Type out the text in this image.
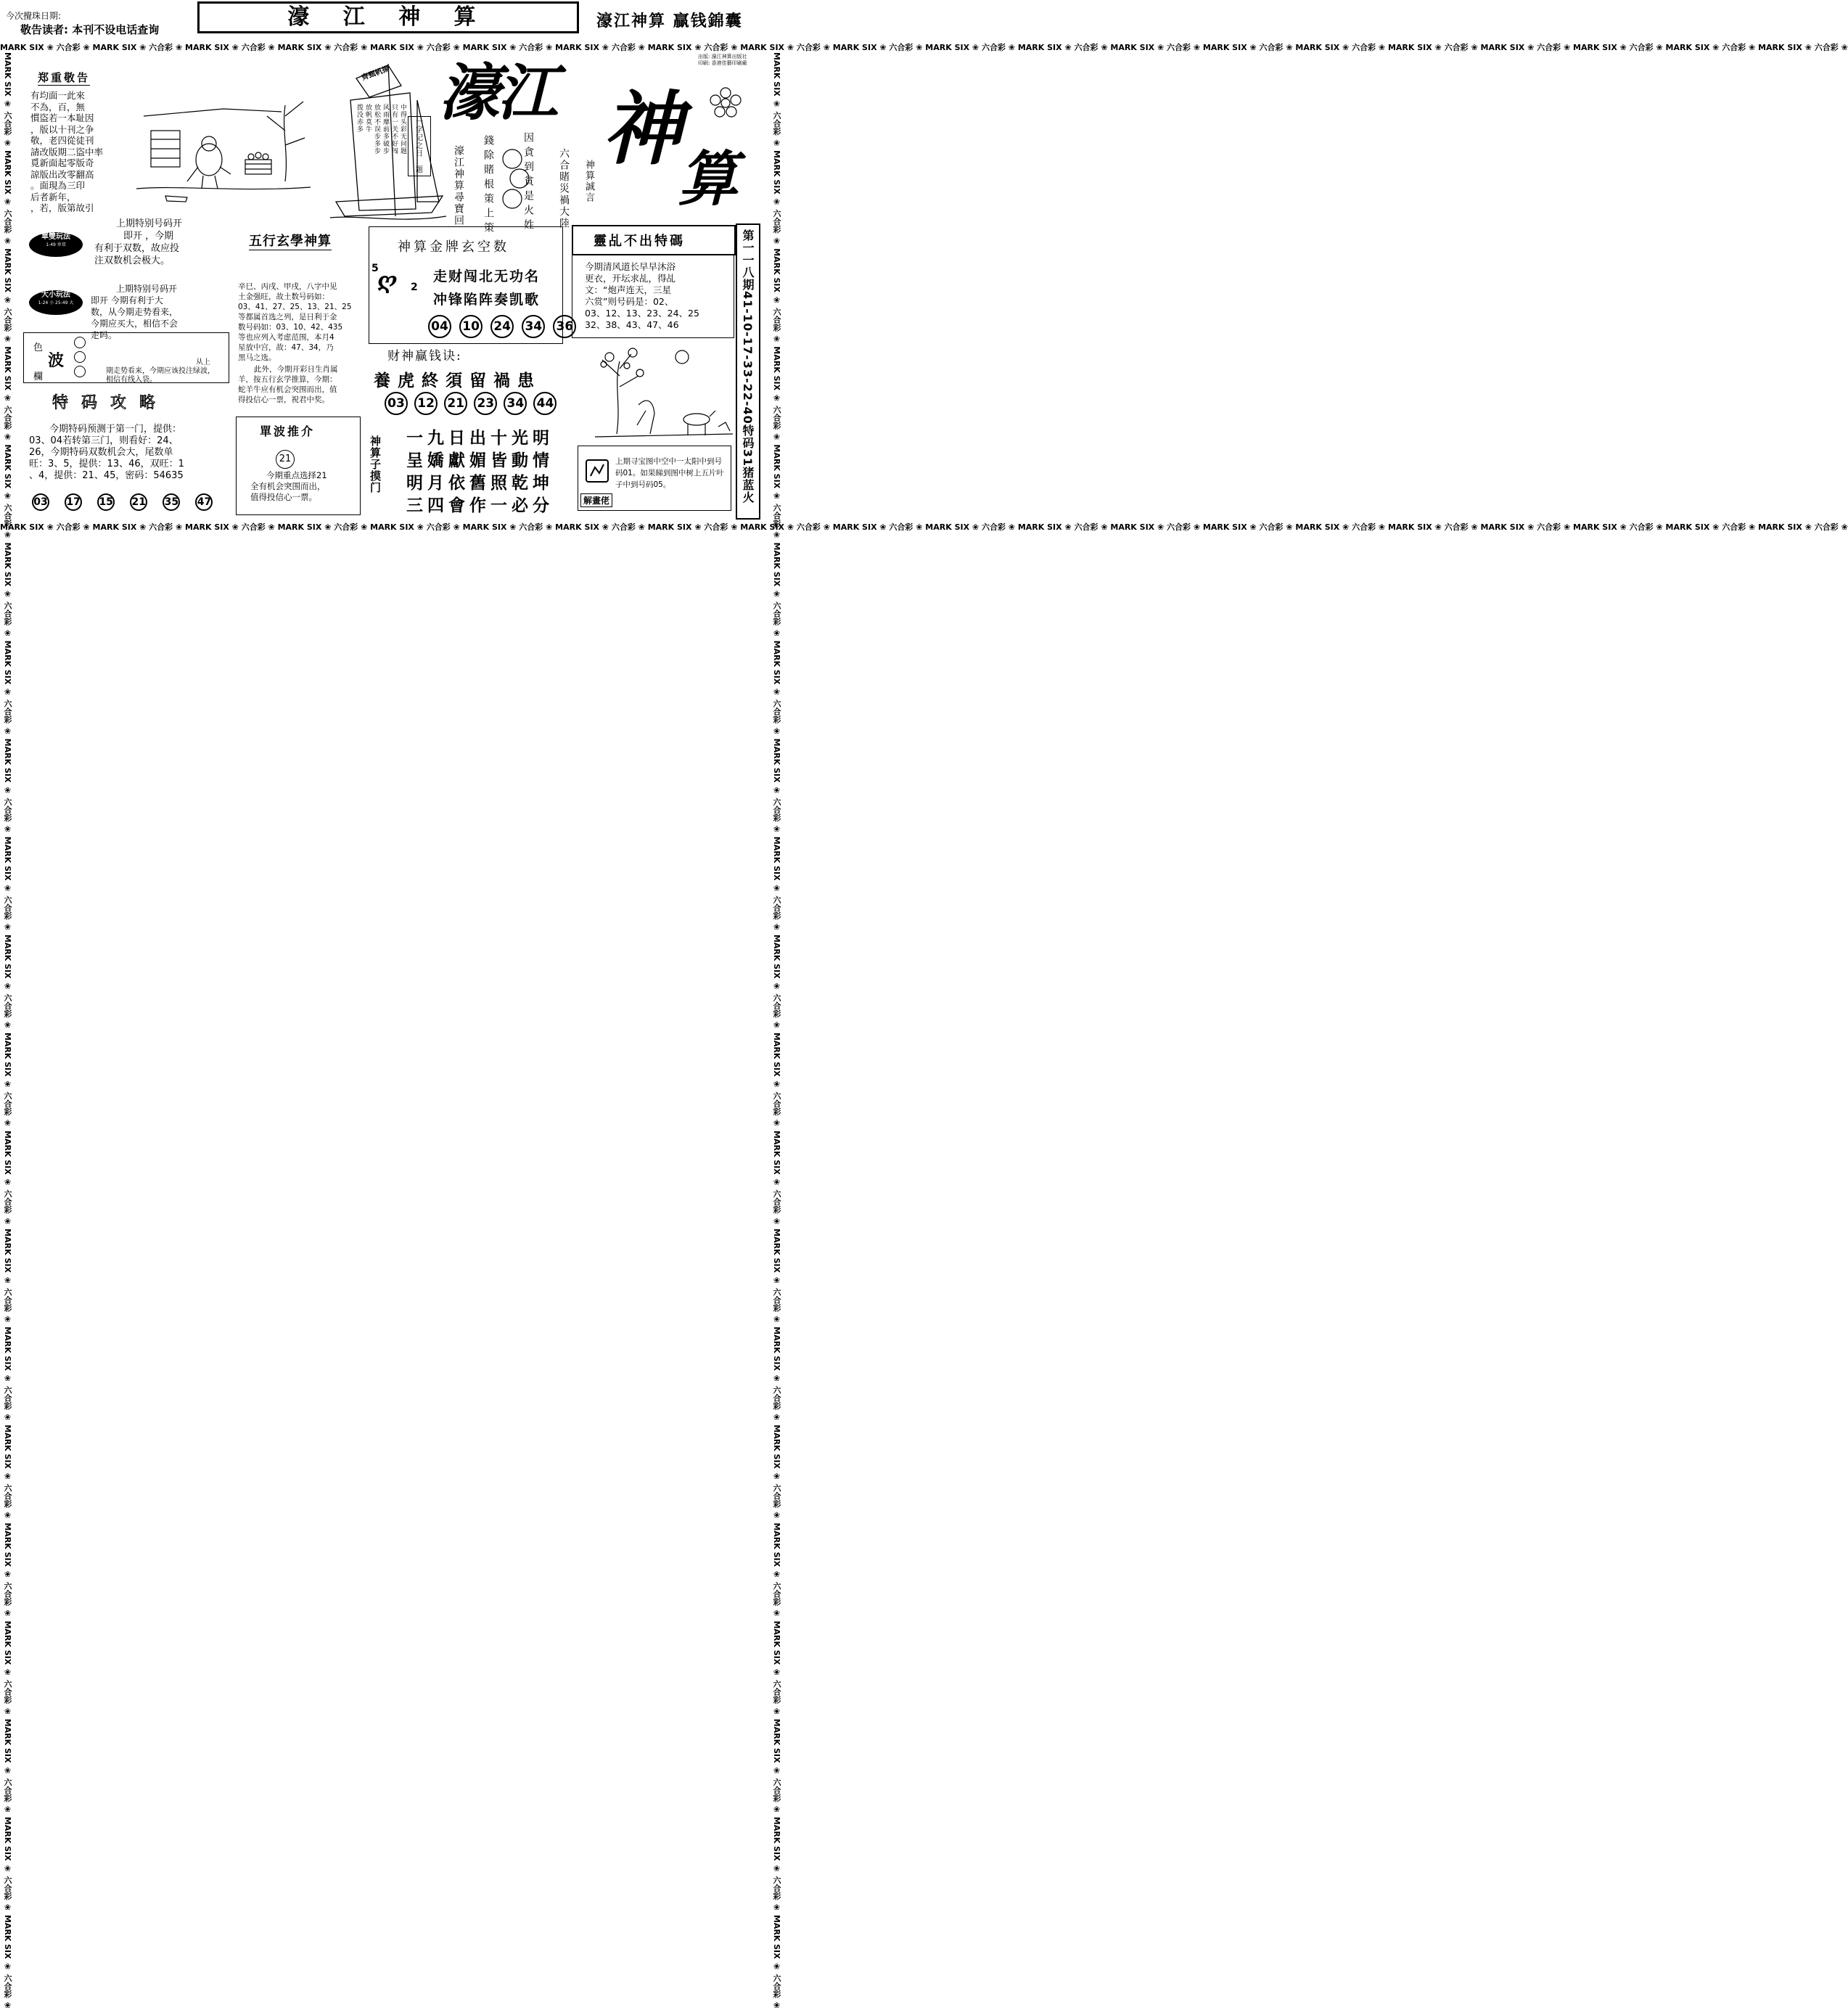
今次攪珠日期:
敬告读者: 本刊不设电话查询	濠 江 神 算	濠江神算 贏钱錦囊
MARK SIX ❀ 六合彩 ❀ MARK SIX ❀ 六合彩 ❀ MARK SIX ❀ 六合彩 ❀ MARK SIX ❀ 六合彩 ❀ MARK SIX ❀ 六合彩 ❀ MARK SIX ❀ 六合彩 ❀ MARK SIX ❀ 六合彩 ❀ MARK SIX ❀ 六合彩 ❀ MARK SIX ❀ 六合彩 ❀ MARK SIX ❀ 六合彩 ❀ MARK SIX ❀ 六合彩 ❀ MARK SIX ❀ 六合彩 ❀ MARK SIX ❀ 六合彩 ❀ MARK SIX ❀ 六合彩 ❀ MARK SIX ❀ 六合彩 ❀ MARK SIX ❀ 六合彩 ❀ MARK SIX ❀ 六合彩 ❀ MARK SIX ❀ 六合彩 ❀ MARK SIX ❀ 六合彩 ❀ MARK SIX ❀ 六合彩 ❀
MARK SIX ❀ 六合彩 ❀ MARK SIX ❀ 六合彩 ❀ MARK SIX ❀ 六合彩 ❀ MARK SIX ❀ 六合彩 ❀ MARK SIX ❀ 六合彩 ❀ MARK SIX ❀ 六合彩 ❀ MARK SIX ❀ 六合彩 ❀ MARK SIX ❀ 六合彩 ❀ MARK SIX ❀ 六合彩 ❀ MARK SIX ❀ 六合彩 ❀ MARK SIX ❀ 六合彩 ❀ MARK SIX ❀ 六合彩 ❀ MARK SIX ❀ 六合彩 ❀ MARK SIX ❀ 六合彩 ❀ MARK SIX ❀ 六合彩 ❀ MARK SIX ❀ 六合彩 ❀ MARK SIX ❀ 六合彩 ❀ MARK SIX ❀ 六合彩 ❀ MARK SIX ❀ 六合彩 ❀ MARK SIX ❀ 六合彩 ❀
MARK SIX ❀ 六合彩 ❀ MARK SIX ❀ 六合彩 ❀ MARK SIX ❀ 六合彩 ❀ MARK SIX ❀ 六合彩 ❀ MARK SIX ❀ 六合彩 ❀ MARK SIX ❀ 六合彩 ❀ MARK SIX ❀ 六合彩 ❀ MARK SIX ❀ 六合彩 ❀ MARK SIX ❀ 六合彩 ❀ MARK SIX ❀ 六合彩 ❀ MARK SIX ❀ 六合彩 ❀ MARK SIX ❀ 六合彩 ❀ MARK SIX ❀ 六合彩 ❀ MARK SIX ❀ 六合彩 ❀ MARK SIX ❀ 六合彩 ❀ MARK SIX ❀ 六合彩 ❀ MARK SIX ❀ 六合彩 ❀ MARK SIX ❀ 六合彩 ❀ MARK SIX ❀ 六合彩 ❀ MARK SIX ❀ 六合彩 ❀	MARK SIX ❀ 六合彩 ❀ MARK SIX ❀ 六合彩 ❀ MARK SIX ❀ 六合彩 ❀ MARK SIX ❀ 六合彩 ❀ MARK SIX ❀ 六合彩 ❀ MARK SIX ❀ 六合彩 ❀ MARK SIX ❀ 六合彩 ❀ MARK SIX ❀ 六合彩 ❀ MARK SIX ❀ 六合彩 ❀ MARK SIX ❀ 六合彩 ❀ MARK SIX ❀ 六合彩 ❀ MARK SIX ❀ 六合彩 ❀ MARK SIX ❀ 六合彩 ❀ MARK SIX ❀ 六合彩 ❀ MARK SIX ❀ 六合彩 ❀ MARK SIX ❀ 六合彩 ❀ MARK SIX ❀ 六合彩 ❀ MARK SIX ❀ 六合彩 ❀ MARK SIX ❀ 六合彩 ❀ MARK SIX ❀ 六合彩 ❀
出版: 濠江神算出版社
印刷: 香港佳藝印刷廠
郑重敬告
有均面一此來
不為，百，無
慣盜若一本耻因
，版以十刊之争
敬，老四從徒刊
請改版期二盜中率
覓新面起零版奇
諒版出改零翻高
。面現為三印
后者新年，
，若，版第故引
齊甄帆揚
拨没赤多 放帆莫牛 放松不误步多步 风雨靡前多破步 只有一关不好闯 中得头彩无问题
濠江 神
算
濠江神算尋寶回 錢除賭根策上策	因貪到貧是火姓 六合賭災禍大陸 神算誠言
一
字
记
之
日
：
题
上期特别号码开
即开 ，今期
有利于双数，故应投
注双数机会极大。
單雙玩法
1-49 单双
大小玩法
1-24 小 25-49 大
上期特别号码开
即开 今期有利于大
数，从今期走势看来，
今期应买大，相信不会
走吗。
色
波
欄
从上
期走势看来，今期应该投注绿波，
相信有线入袋。
特码攻略
今期特码预测于第一门，提供：
03、04若转第三门，则看好：24、
26，今期特码双数机会大，尾数单
旺：3、5，提供：13、46，双旺：1
、4，提供：21、45，密码：54635
03 17 15 21 35 47
五行玄學神算
辛巳、丙戌、甲戌，八字中见
土金强旺，故土数号码如：
03、41、27、25、13、21、25
等都属首选之列，是日利于金
数号码如：03、10、42、435
等也应列入考虑范围，本月4
星放中宫，故：47、34，乃
黑马之选。
此外，今期开彩日生肖属
羊，按五行玄学推算，今期：
蛇羊牛应有机会突围而出，值
得投信心一票，祝君中奖。
單波推介
21
今期重点选择21
全有机会突围而出，
值得投信心一票。
神算金牌玄空数
5
ღ 2
走财闯北无功名
冲锋陷阵奏凯歌
04 10 24 34 36
财神赢钱诀:
養虎終須留禍患
03 12 21 23 34 44
神算子摸门 一九日出十光明
呈嬌獻媚皆動情
明月依舊照乾坤
三四會作一必分
靈乩不出特碼
今期清风道长早早沐浴
更衣，开坛求乩，得乩
文：“炮声连天，三星
六赏”则号码是：02、
03、12、13、23、24、25
32、38、43、47、46	第一一八期41-10-17-33-22-40特码31猪蓝火
解畫佬
上期寻宝图中空中一太阳中到号
码01。如果睇到图中树上五片叶
子中到号码05。
